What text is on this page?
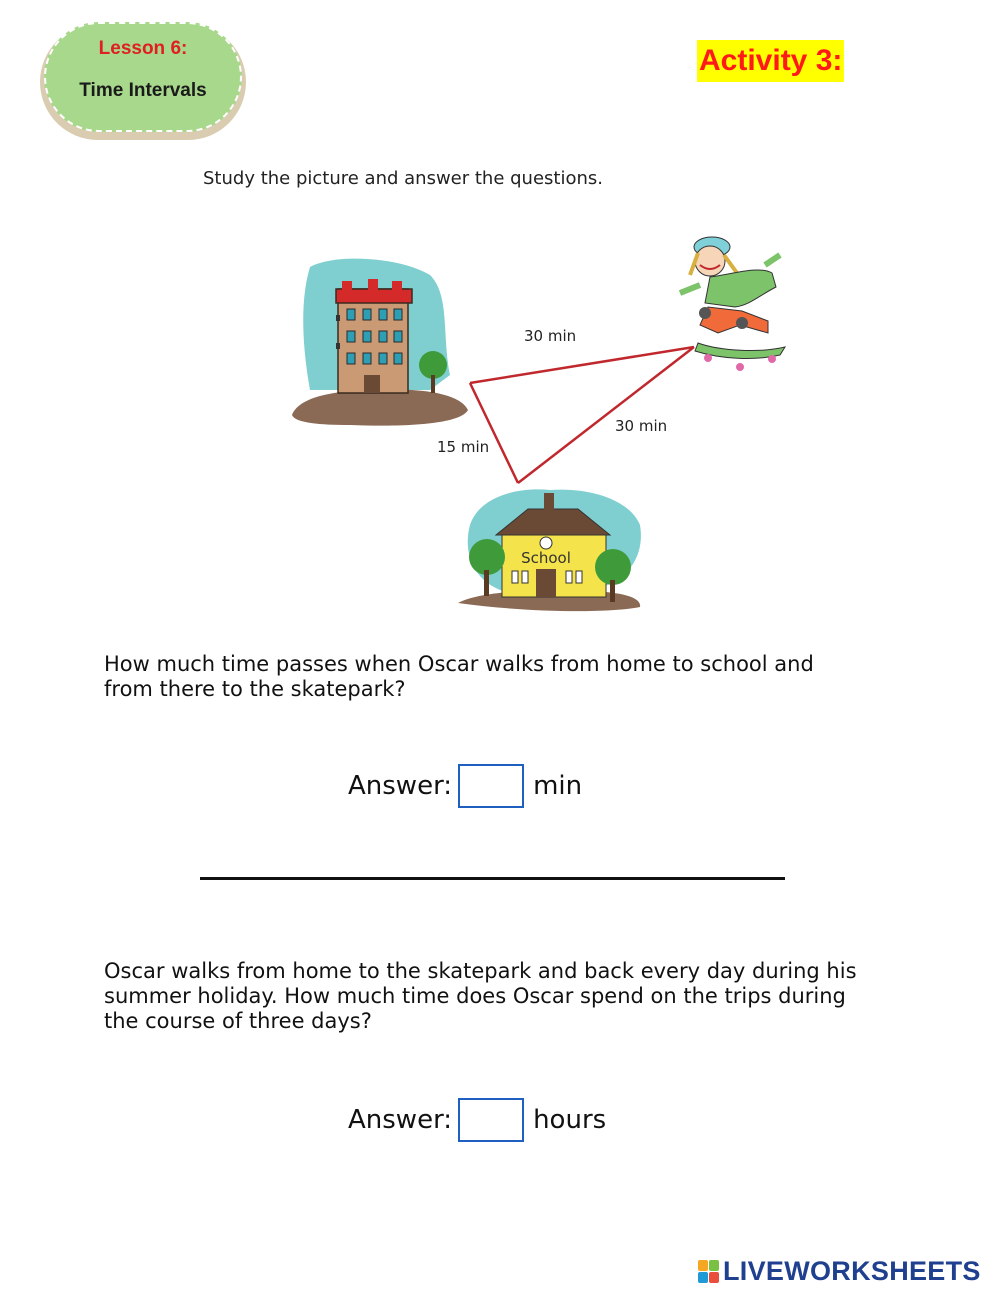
Lesson 6:
Time Intervals
Activity 3:
Study the picture and answer the questions.
School
30 min
30 min
15 min
How much time passes when Oscar walks from home to school and from there to the skatepark?
Answer:	min
Oscar walks from home to the skatepark and back every day during his summer holiday. How much time does Oscar spend on the trips during the course of three days?
Answer:	hours
LIVEWORKSHEETS
